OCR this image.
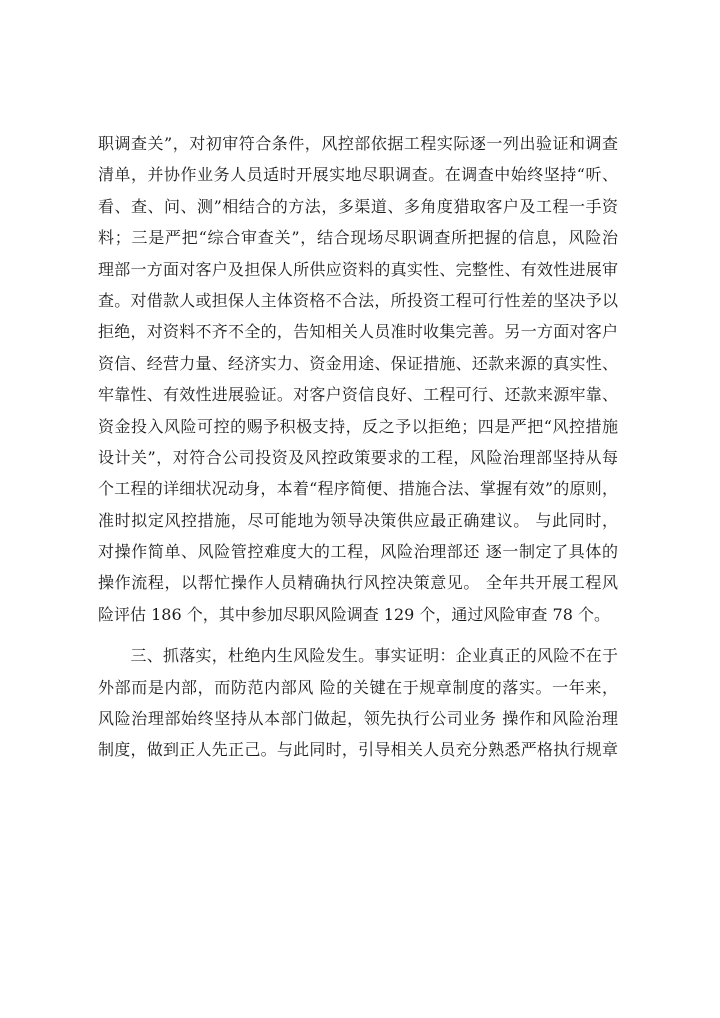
职调查关”，对初审符合条件，风控部依据工程实际逐一列出验证和调查
清单，并协作业务人员适时开展实地尽职调查。在调查中始终坚持“听、
看、查、问、测”相结合的方法，多渠道、多角度猎取客户及工程一手资
料；三是严把“综合审查关”，结合现场尽职调查所把握的信息，风险治
理部一方面对客户及担保人所供应资料的真实性、完整性、有效性进展审
查。对借款人或担保人主体资格不合法，所投资工程可行性差的坚决予以
拒绝，对资料不齐不全的，告知相关人员准时收集完善。另一方面对客户
资信、经营力量、经济实力、资金用途、保证措施、还款来源的真实性、
牢靠性、有效性进展验证。对客户资信良好、工程可行、还款来源牢靠、
资金投入风险可控的赐予积极支持，反之予以拒绝；四是严把“风控措施
设计关”，对符合公司投资及风控政策要求的工程，风险治理部坚持从每
个工程的详细状况动身，本着“程序简便、措施合法、掌握有效”的原则，
准时拟定风控措施，尽可能地为领导决策供应最正确建议。 与此同时，
对操作简单、风险管控难度大的工程，风险治理部还 逐一制定了具体的
操作流程，以帮忙操作人员精确执行风控决策意见。 全年共开展工程风
险评估 186 个，其中参加尽职风险调查 129 个，通过风险审查 78 个。
　　三、抓落实，杜绝内生风险发生。事实证明：企业真正的风险不在于
外部而是内部，而防范内部风 险的关键在于规章制度的落实。一年来，
风险治理部始终坚持从本部门做起，领先执行公司业务 操作和风险治理
制度，做到正人先正己。与此同时，引导相关人员充分熟悉严格执行规章
